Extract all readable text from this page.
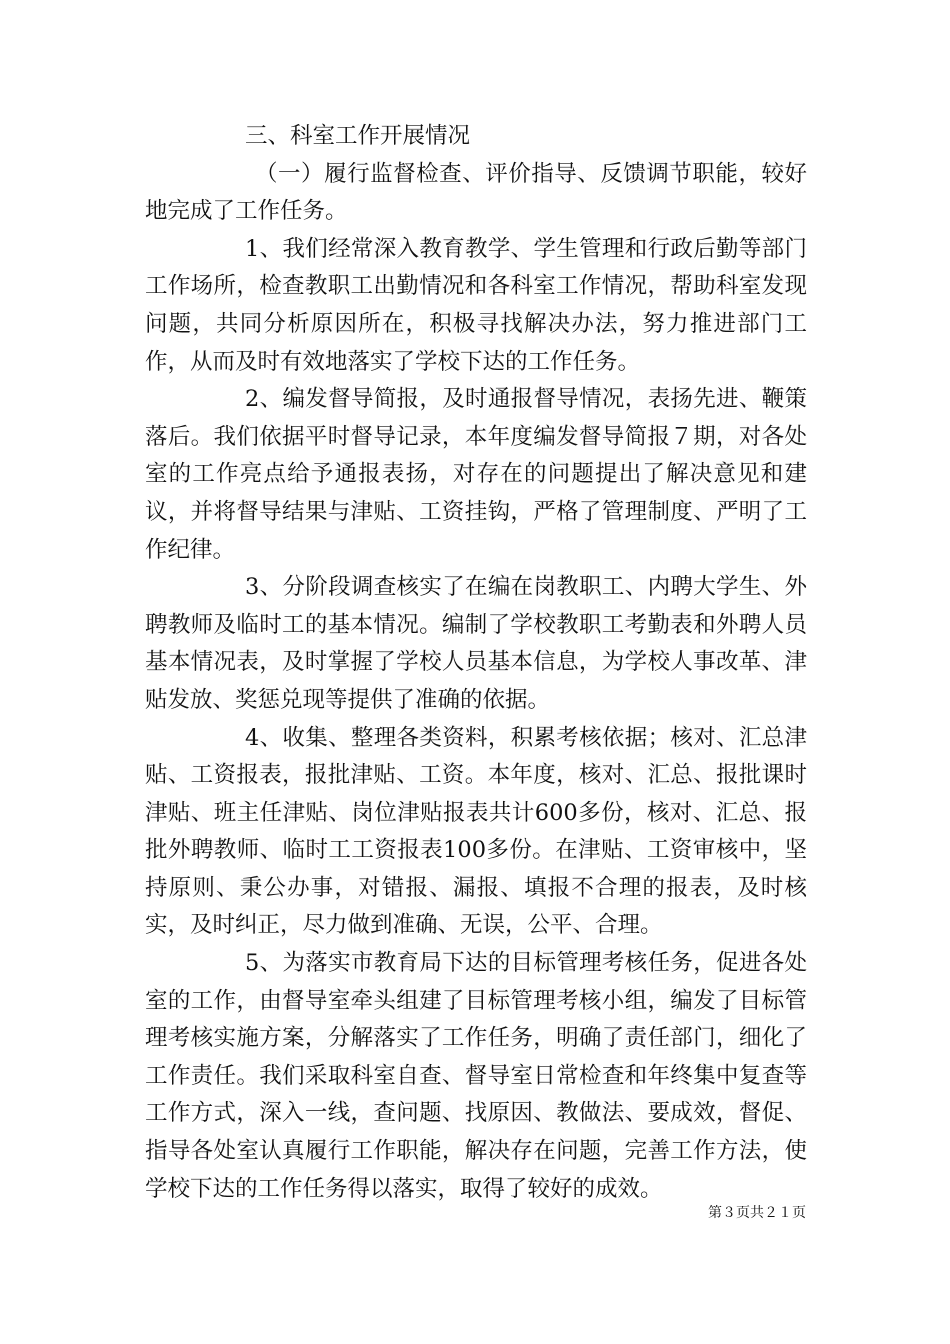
三、科室工作开展情况

（一）履行监督检查、评价指导、反馈调节职能，较好地完成了工作任务。

1、我们经常深入教育教学、学生管理和行政后勤等部门工作场所，检查教职工出勤情况和各科室工作情况，帮助科室发现问题，共同分析原因所在，积极寻找解决办法，努力推进部门工作，从而及时有效地落实了学校下达的工作任务。

2、编发督导简报，及时通报督导情况，表扬先进、鞭策落后。我们依据平时督导记录，本年度编发督导简报７期，对各处室的工作亮点给予通报表扬，对存在的问题提出了解决意见和建议，并将督导结果与津贴、工资挂钩，严格了管理制度、严明了工作纪律。

3、分阶段调查核实了在编在岗教职工、内聘大学生、外聘教师及临时工的基本情况。编制了学校教职工考勤表和外聘人员基本情况表，及时掌握了学校人员基本信息，为学校人事改革、津贴发放、奖惩兑现等提供了准确的依据。

4、收集、整理各类资料，积累考核依据；核对、汇总津贴、工资报表，报批津贴、工资。本年度，核对、汇总、报批课时津贴、班主任津贴、岗位津贴报表共计600多份，核对、汇总、报批外聘教师、临时工工资报表100多份。在津贴、工资审核中，坚持原则、秉公办事，对错报、漏报、填报不合理的报表，及时核实，及时纠正，尽力做到准确、无误，公平、合理。

5、为落实市教育局下达的目标管理考核任务，促进各处室的工作，由督导室牵头组建了目标管理考核小组，编发了目标管理考核实施方案，分解落实了工作任务，明确了责任部门，细化了工作责任。我们采取科室自查、督导室日常检查和年终集中复查等工作方式，深入一线，查问题、找原因、教做法、要成效，督促、指导各处室认真履行工作职能，解决存在问题，完善工作方法，使学校下达的工作任务得以落实，取得了较好的成效。

第３页共２１页
